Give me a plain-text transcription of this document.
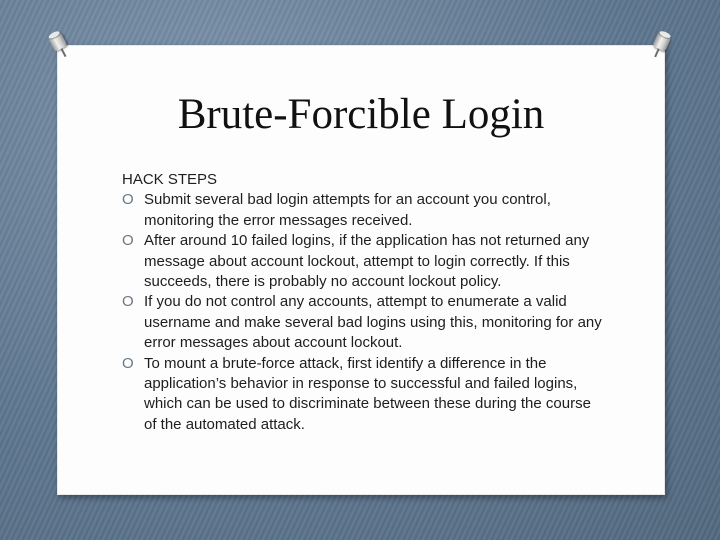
Brute-Forcible Login
HACK STEPS
O Submit several bad login attempts for an account you control, monitoring the error messages received.
O After around 10 failed logins, if the application has not returned any message about account lockout, attempt to login correctly. If this succeeds, there is probably no account lockout policy.
O If you do not control any accounts, attempt to enumerate a valid username and make several bad logins using this, monitoring for any error messages about account lockout.
O To mount a brute-force attack, first identify a difference in the application’s behavior in response to successful and failed logins, which can be used to discriminate between these during the course of the automated attack.
